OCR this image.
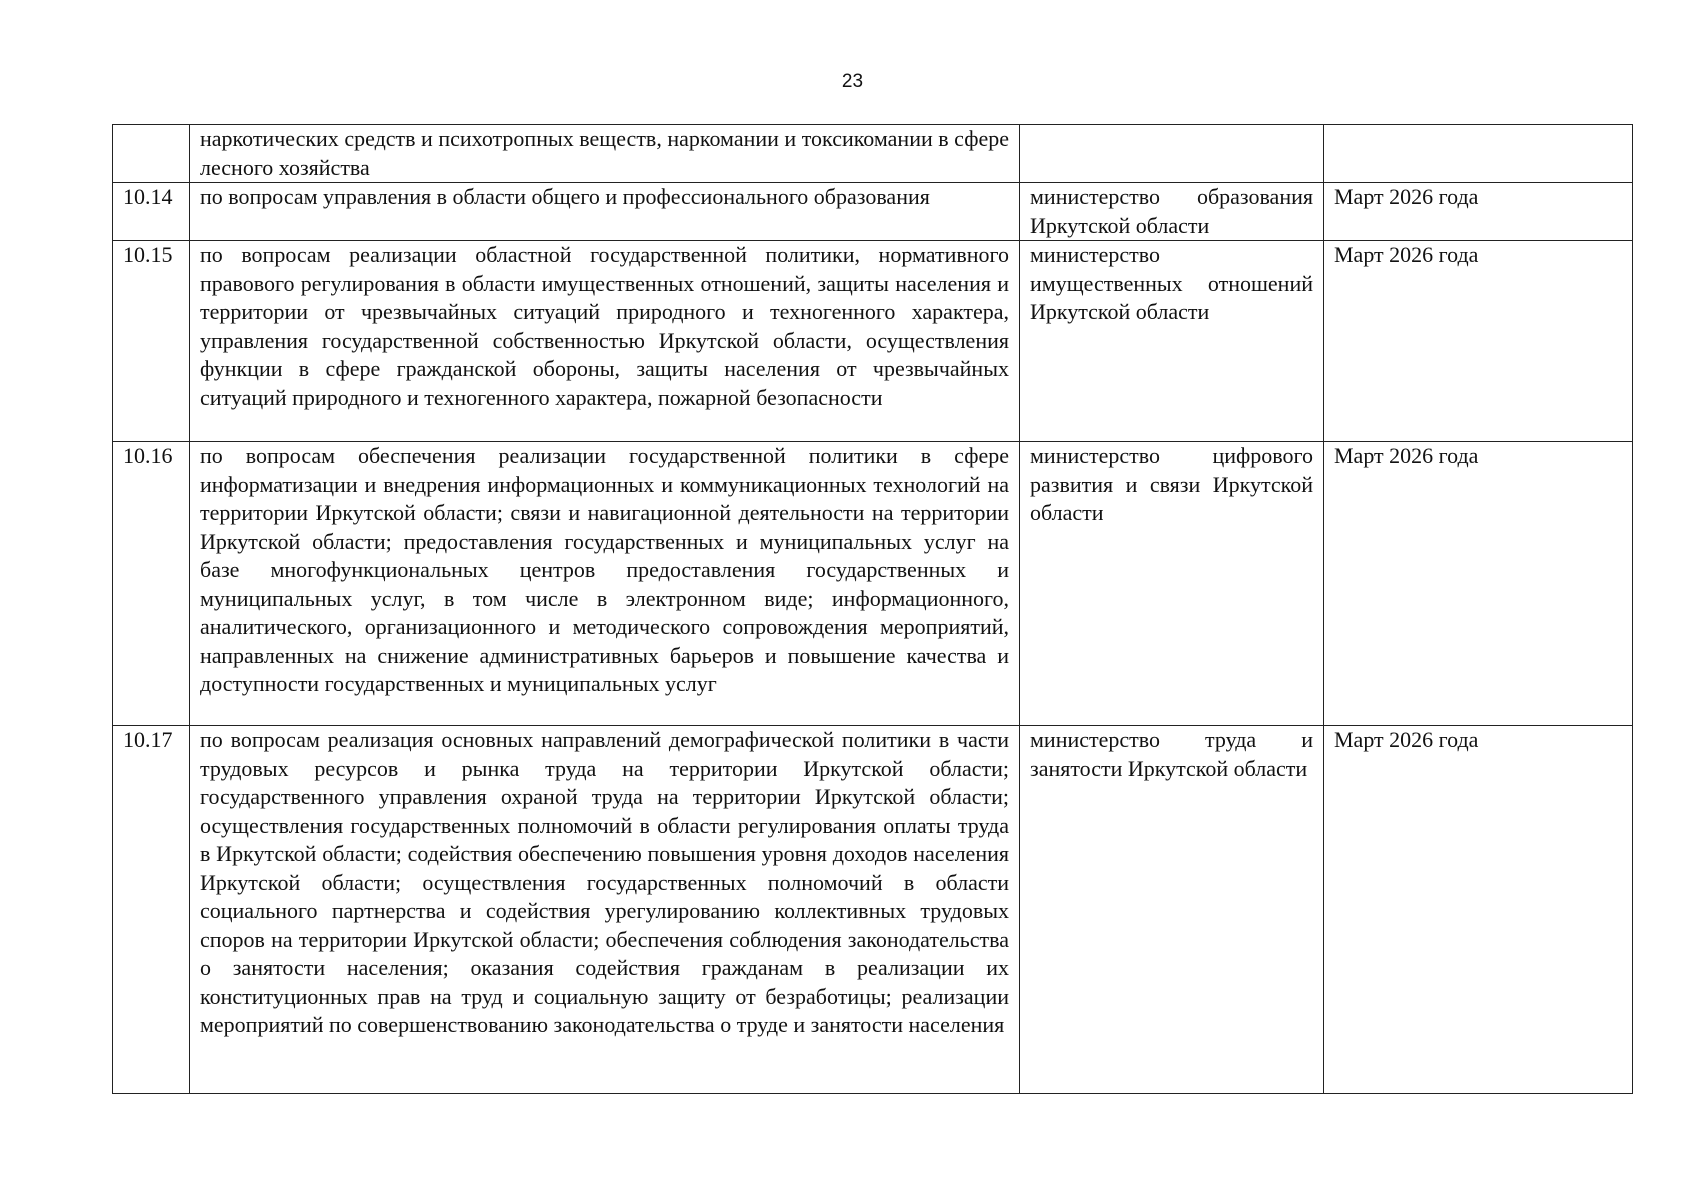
23
	наркотических средств и психотропных веществ, наркомании и токсикомании в сфере лесного хозяйства		
10.14	по вопросам управления в области общего и профессионального образования	министерство образования Иркутской области	Март 2026 года
10.15	по вопросам реализации областной государственной политики, нормативного правового регулирования в области имущественных отношений, защиты населения и территории от чрезвычайных ситуаций природного и техногенного характера, управления государственной собственностью Иркутской области, осуществления функции в сфере гражданской обороны, защиты населения от чрезвычайных ситуаций природного и техногенного характера, пожарной безопасности	министерство имущественных отношений Иркутской области	Март 2026 года
10.16	по вопросам обеспечения реализации государственной политики в сфере информатизации и внедрения информационных и коммуникационных технологий на территории Иркутской области; связи и навигационной деятельности на территории Иркутской области; предоставления государственных и муниципальных услуг на базе многофункциональных центров предоставления государственных и муниципальных услуг, в том числе в электронном виде; информационного, аналитического, организационного и методического сопровождения мероприятий, направленных на снижение административных барьеров и повышение качества и доступности государственных и муниципальных услуг	министерство цифрового развития и связи Иркутской области	Март 2026 года
10.17	по вопросам реализация основных направлений демографической политики в части трудовых ресурсов и рынка труда на территории Иркутской области; государственного управления охраной труда на территории Иркутской области; осуществления государственных полномочий в области регулирования оплаты труда в Иркутской области; содействия обеспечению повышения уровня доходов населения Иркутской области; осуществления государственных полномочий в области социального партнерства и содействия урегулированию коллективных трудовых споров на территории Иркутской области; обеспечения соблюдения законодательства о занятости населения; оказания содействия гражданам в реализации их конституционных прав на труд и социальную защиту от безработицы; реализации мероприятий по совершенствованию законодательства о труде и занятости населения	министерство труда и занятости Иркутской области	Март 2026 года
